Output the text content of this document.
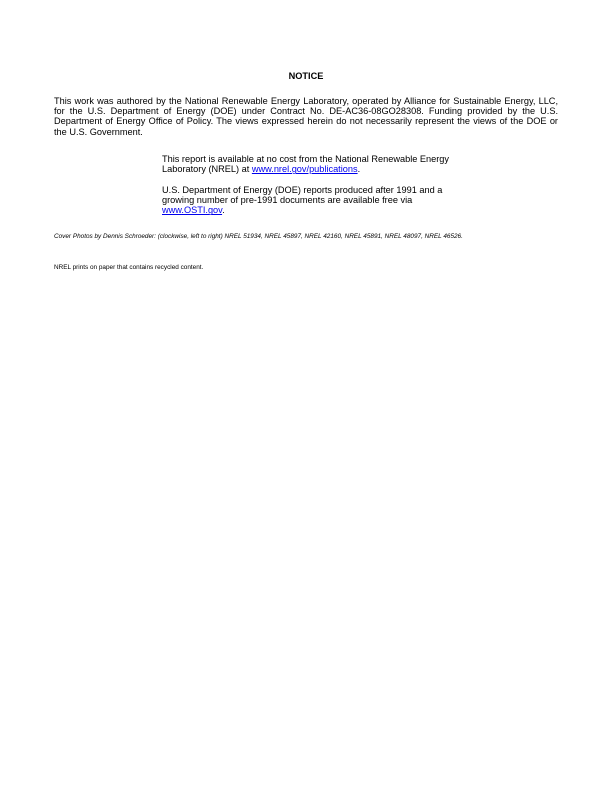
NOTICE

This work was authored by the National Renewable Energy Laboratory, operated by Alliance for Sustainable Energy, LLC, for the U.S. Department of Energy (DOE) under Contract No. DE-AC36-08GO28308. Funding provided by the U.S. Department of Energy Office of Policy. The views expressed herein do not necessarily represent the views of the DOE or the U.S. Government.

This report is available at no cost from the National Renewable Energy Laboratory (NREL) at www.nrel.gov/publications.

U.S. Department of Energy (DOE) reports produced after 1991 and a growing number of pre-1991 documents are available free via www.OSTI.gov.

Cover Photos by Dennis Schroeder: (clockwise, left to right) NREL 51934, NREL 45897, NREL 42160, NREL 45891, NREL 48097, NREL 46526.

NREL prints on paper that contains recycled content.
